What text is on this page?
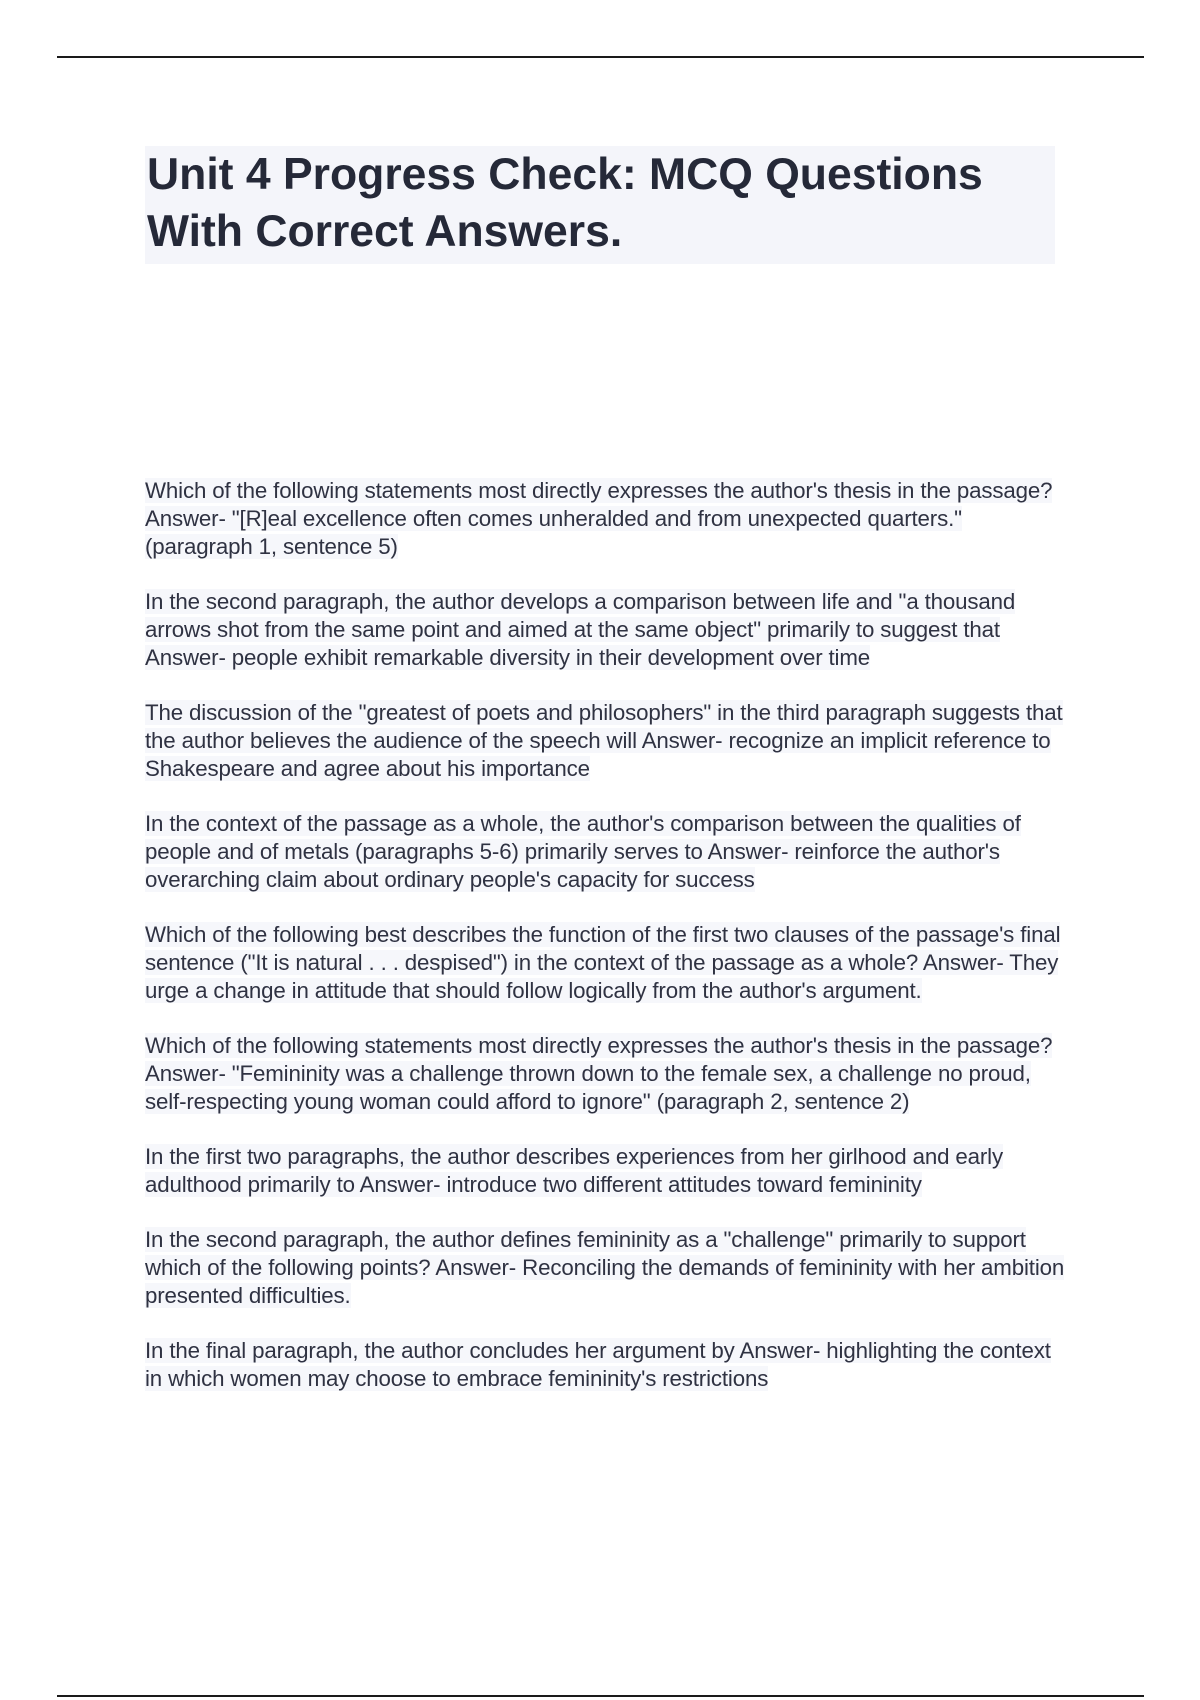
Unit 4 Progress Check: MCQ Questions
With Correct Answers.

Which of the following statements most directly expresses the author's thesis in the passage? Answer- "[R]eal excellence often comes unheralded and from unexpected quarters." (paragraph 1, sentence 5)

In the second paragraph, the author develops a comparison between life and "a thousand arrows shot from the same point and aimed at the same object" primarily to suggest that Answer- people exhibit remarkable diversity in their development over time

The discussion of the "greatest of poets and philosophers" in the third paragraph suggests that the author believes the audience of the speech will Answer- recognize an implicit reference to Shakespeare and agree about his importance

In the context of the passage as a whole, the author's comparison between the qualities of people and of metals (paragraphs 5-6) primarily serves to Answer- reinforce the author's overarching claim about ordinary people's capacity for success

Which of the following best describes the function of the first two clauses of the passage's final sentence ("It is natural . . . despised") in the context of the passage as a whole? Answer- They urge a change in attitude that should follow logically from the author's argument.

Which of the following statements most directly expresses the author's thesis in the passage? Answer- "Femininity was a challenge thrown down to the female sex, a challenge no proud, self-respecting young woman could afford to ignore" (paragraph 2, sentence 2)

In the first two paragraphs, the author describes experiences from her girlhood and early adulthood primarily to Answer- introduce two different attitudes toward femininity

In the second paragraph, the author defines femininity as a "challenge" primarily to support which of the following points? Answer- Reconciling the demands of femininity with her ambition presented difficulties.

In the final paragraph, the author concludes her argument by Answer- highlighting the context in which women may choose to embrace femininity's restrictions
